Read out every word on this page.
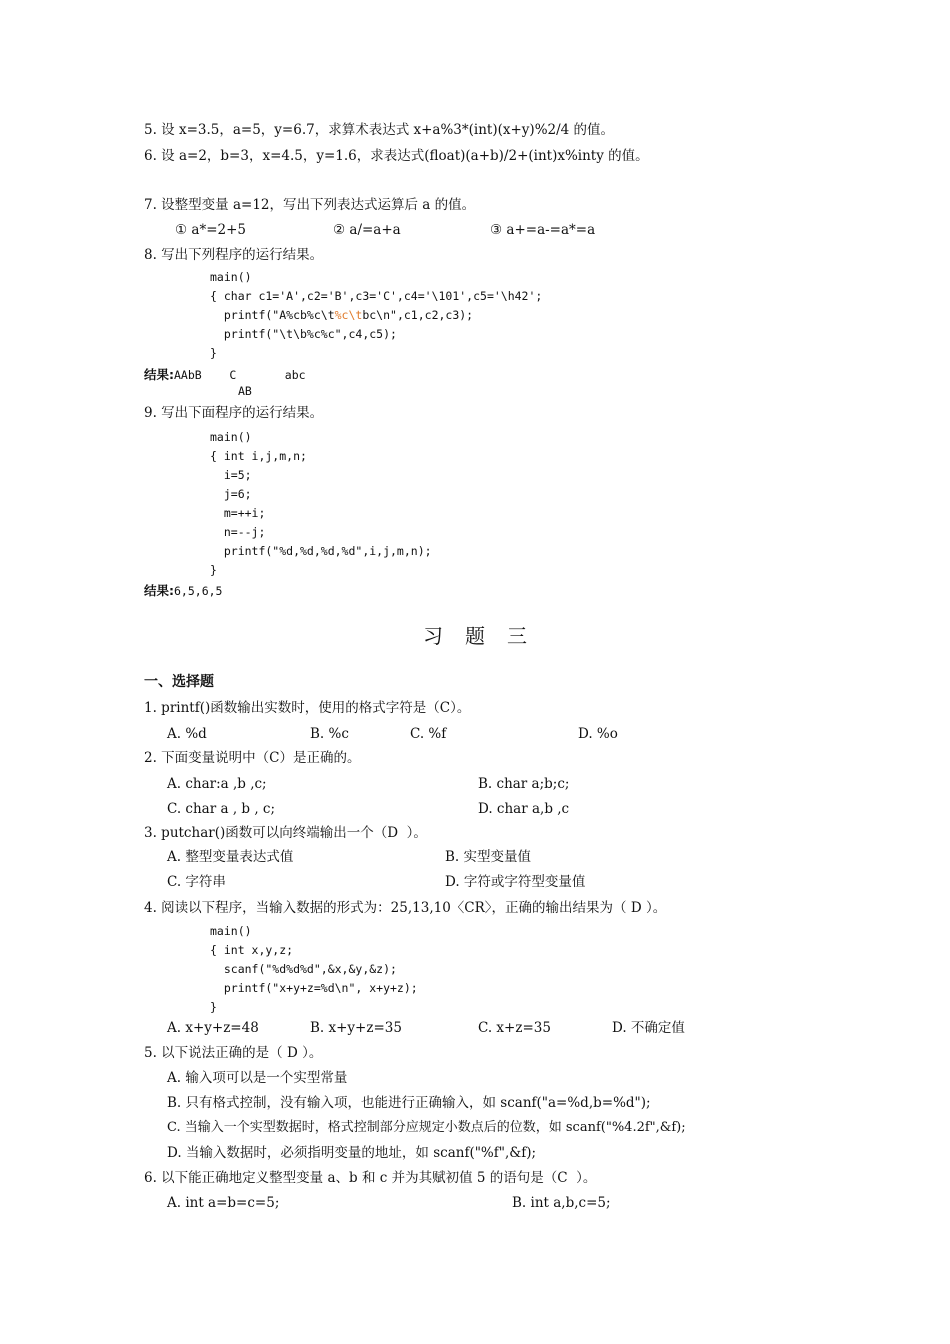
5. 设 x=3.5，a=5，y=6.7，求算术表达式 x+a%3*(int)(x+y)%2/4 的值。
6. 设 a=2，b=3，x=4.5，y=1.6，求表达式(float)(a+b)/2+(int)x%inty 的值。
7. 设整型变量 a=12，写出下列表达式运算后 a 的值。
① a*=2+5	② a/=a+a	③ a+=a-=a*=a
8. 写出下列程序的运行结果。
main()
{ char c1='A',c2='B',c3='C',c4='\101',c5='\h42';
printf("A%cb%c\t%c\tbc\n",c1,c2,c3);
printf("\t\b%c%c",c4,c5);
}
结果:AAbB    C       abc
AB
9. 写出下面程序的运行结果。
main()
{ int i,j,m,n;
i=5;
j=6;
m=++i;
n=--j;
printf("%d,%d,%d,%d",i,j,m,n);
}
结果:6,5,6,5
习题三
一、选择题
1. printf()函数输出实数时，使用的格式字符是（C）。
A. %d	B. %c	C. %f	D. %o
2. 下面变量说明中（C）是正确的。
A. char:a ,b ,c;	B. char a;b;c;
C. char a , b , c;	D. char a,b ,c
3. putchar()函数可以向终端输出一个（D  ）。
A. 整型变量表达式值	B. 实型变量值
C. 字符串	D. 字符或字符型变量值
4. 阅读以下程序，当输入数据的形式为：25,13,10〈CR〉，正确的输出结果为（ D ）。
main()
{ int x,y,z;
scanf("%d%d%d",&x,&y,&z);
printf("x+y+z=%d\n", x+y+z);
}
A. x+y+z=48	B. x+y+z=35	C. x+z=35	D. 不确定值
5. 以下说法正确的是（ D ）。
A. 输入项可以是一个实型常量
B. 只有格式控制，没有输入项，也能进行正确输入，如 scanf("a=%d,b=%d");
C. 当输入一个实型数据时，格式控制部分应规定小数点后的位数，如 scanf("%4.2f",&f);
D. 当输入数据时，必须指明变量的地址，如 scanf("%f",&f);
6. 以下能正确地定义整型变量 a、b 和 c 并为其赋初值 5 的语句是（C  ）。
A. int a=b=c=5;	B. int a,b,c=5;
